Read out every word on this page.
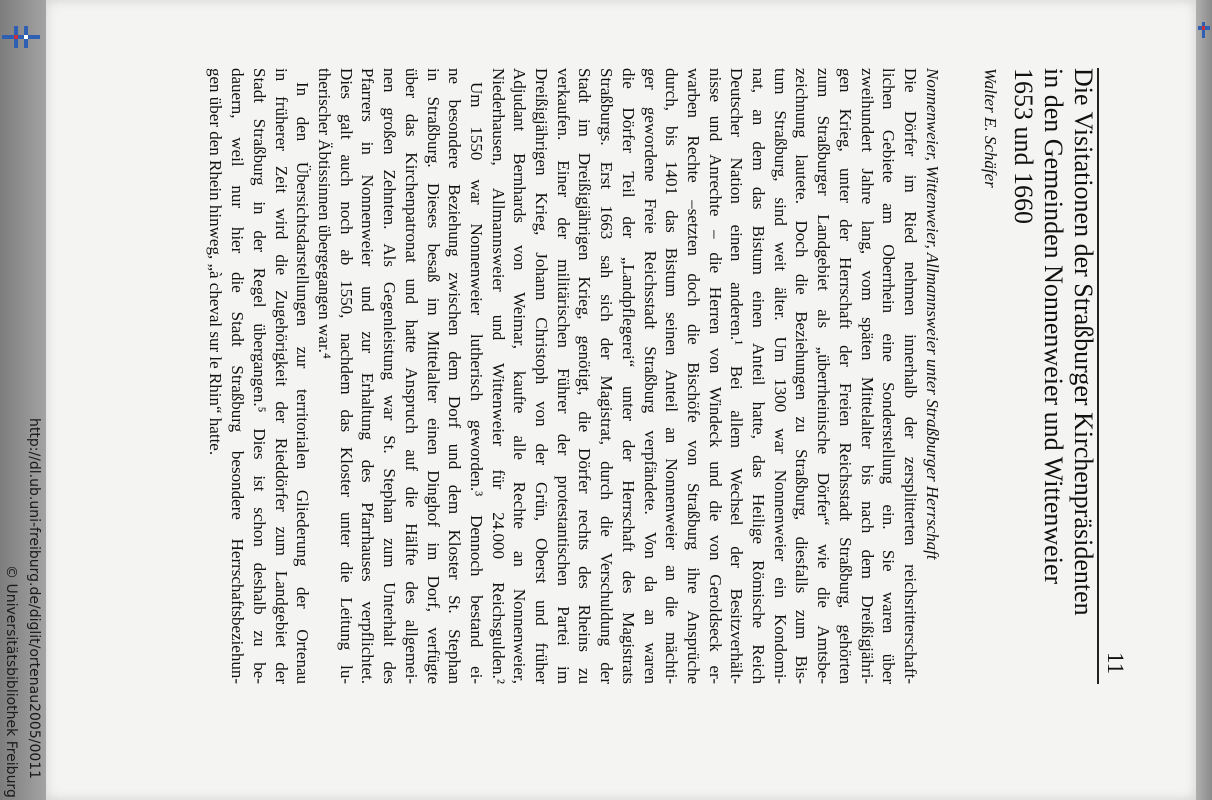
© Universitätsbibliothek Freiburg http://dl.ub.uni-freiburg.de/diglit/ortenau2005/0011	11
Die Visitationen der Straßburger Kirchenpräsidenten
in den Gemeinden Nonnenweier und Wittenweier
1653 und 1660
Walter E. Schäfer
Nonnenweier, Wittenweier, Allmannsweier unter Straßburger Herrschaft
Die Dörfer im Ried nehmen innerhalb der zersplitterten reichsritterschaft-
lichen Gebiete am Oberrhein eine Sonderstellung ein. Sie waren über
zweihundert Jahre lang, vom späten Mittelalter bis nach dem Dreißigjähri-
gen Krieg, unter der Herrschaft der Freien Reichsstadt Straßburg, gehörten
zum Straßburger Landgebiet als „überrheinische Dörfer“ wie die Amtsbe-
zeichnung lautete. Doch die Beziehungen zu Straßburg, diesfalls zum Bis-
tum Straßburg, sind weit älter. Um 1300 war Nonnenweier ein Kondomi-
nat, an dem das Bistum einen Anteil hatte, das Heilige Römische Reich
Deutscher Nation einen anderen.¹ Bei allem Wechsel der Besitzverhält-
nisse und Anrechte – die Herren von Windeck und die von Geroldseck er-
warben Rechte –setzten doch die Bischöfe von Straßburg ihre Ansprüche
durch, bis 1401 das Bistum seinen Anteil an Nonnenweier an die mächti-
ger gewordene Freie Reichsstadt Straßburg verpfändete. Von da an waren
die Dörfer Teil der „Landpflegerei“ unter der Herrschaft des Magistrats
Straßburgs. Erst 1663 sah sich der Magistrat, durch die Verschuldung der
Stadt im Dreißigjährigen Krieg, genötigt, die Dörfer rechts des Rheins zu
verkaufen. Einer der militärischen Führer der protestantischen Partei im
Dreißigjährigen Krieg, Johann Christoph von der Grün, Oberst und früher
Adjudant Bernhards von Weimar, kaufte alle Rechte an Nonnenweier,
Niederhausen, Allmannsweier und Wittenweier für 24.000 Reichsgulden.²
Um 1550 war Nonnenweier lutherisch geworden.³ Dennoch bestand ei-
ne besondere Beziehung zwischen dem Dorf und dem Kloster St. Stephan
in Straßburg. Dieses besaß im Mittelalter einen Dinghof im Dorf, verfügte
über das Kirchenpatronat und hatte Anspruch auf die Hälfte des allgemei-
nen großen Zehnten. Als Gegenleistung war St. Stephan zum Unterhalt des
Pfarrers in Nonnenweier und zur Erhaltung des Pfarrhauses verpflichtet.
Dies galt auch noch ab 1550, nachdem das Kloster unter die Leitung lu-
therischer Äbtissinnen übergegangen war.⁴
In den Übersichtsdarstellungen zur territorialen Gliederung der Ortenau
in früherer Zeit wird die Zugehörigkeit der Rieddörfer zum Landgebiet der
Stadt Straßburg in der Regel übergangen.⁵ Dies ist schon deshalb zu be-
dauern, weil nur hier die Stadt Straßburg besondere Herrschaftsbeziehun-
gen über den Rhein hinweg, „à cheval sur le Rhin“ hatte.
